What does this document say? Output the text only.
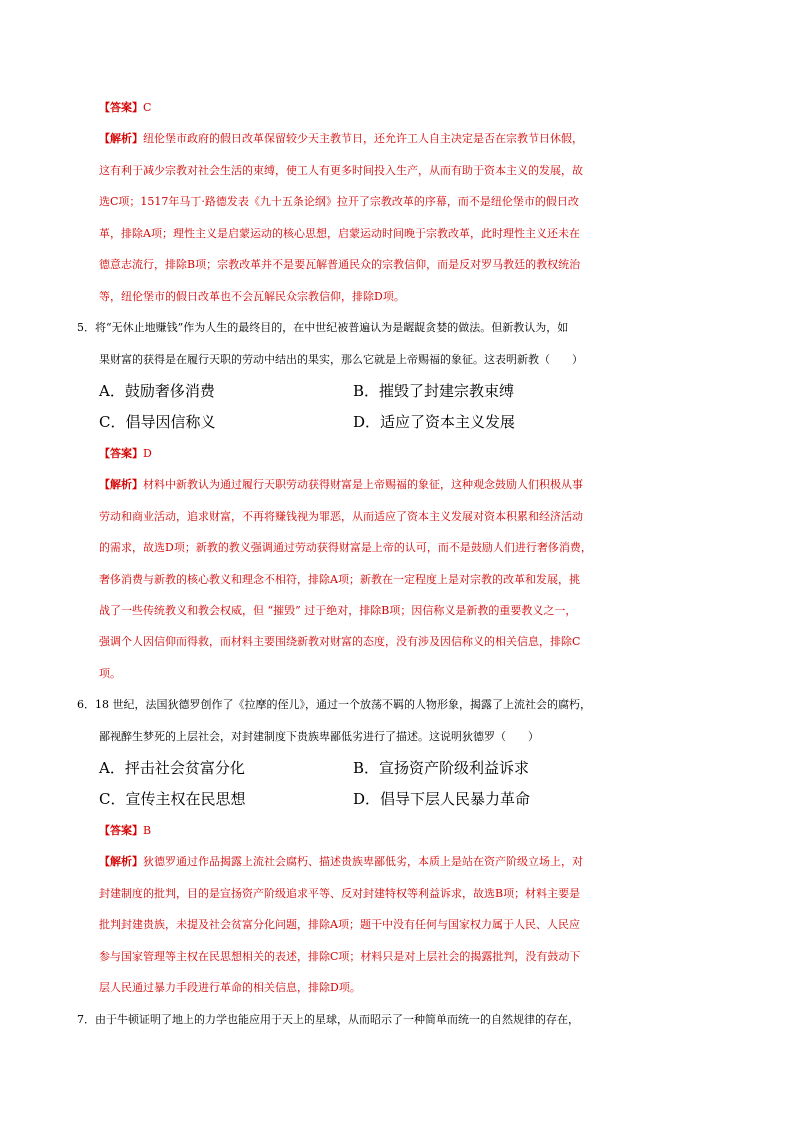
【答案】C
【解析】纽伦堡市政府的假日改革保留较少天主教节日，还允许工人自主决定是否在宗教节日休假，
这有利于减少宗教对社会生活的束缚，使工人有更多时间投入生产，从而有助于资本主义的发展，故
选C项；1517年马丁·路德发表《九十五条论纲》拉开了宗教改革的序幕，而不是纽伦堡市的假日改
革，排除A项；理性主义是启蒙运动的核心思想，启蒙运动时间晚于宗教改革，此时理性主义还未在
德意志流行，排除B项；宗教改革并不是要瓦解普通民众的宗教信仰，而是反对罗马教廷的教权统治
等，纽伦堡市的假日改革也不会瓦解民众宗教信仰，排除D项。
5．将“无休止地赚钱”作为人生的最终目的，在中世纪被普遍认为是龌龊贪婪的做法。但新教认为，如
果财富的获得是在履行天职的劳动中结出的果实，那么它就是上帝赐福的象征。这表明新教（　　）
A．鼓励奢侈消费	B．摧毁了封建宗教束缚
C．倡导因信称义	D．适应了资本主义发展
【答案】D
【解析】材料中新教认为通过履行天职劳动获得财富是上帝赐福的象征，这种观念鼓励人们积极从事
劳动和商业活动，追求财富，不再将赚钱视为罪恶，从而适应了资本主义发展对资本积累和经济活动
的需求，故选D项；新教的教义强调通过劳动获得财富是上帝的认可，而不是鼓励人们进行奢侈消费，
奢侈消费与新教的核心教义和理念不相符，排除A项；新教在一定程度上是对宗教的改革和发展，挑
战了一些传统教义和教会权威，但 “摧毁” 过于绝对，排除B项；因信称义是新教的重要教义之一，
强调个人因信仰而得救，而材料主要围绕新教对财富的态度，没有涉及因信称义的相关信息，排除C
项。
6．18 世纪，法国狄德罗创作了《拉摩的侄儿》，通过一个放荡不羁的人物形象，揭露了上流社会的腐朽，
鄙视醉生梦死的上层社会，对封建制度下贵族卑鄙低劣进行了描述。这说明狄德罗（　　）
A．抨击社会贫富分化	B．宣扬资产阶级利益诉求
C．宣传主权在民思想	D．倡导下层人民暴力革命
【答案】B
【解析】狄德罗通过作品揭露上流社会腐朽、描述贵族卑鄙低劣，本质上是站在资产阶级立场上，对
封建制度的批判，目的是宣扬资产阶级追求平等、反对封建特权等利益诉求，故选B项；材料主要是
批判封建贵族，未提及社会贫富分化问题，排除A项；题干中没有任何与国家权力属于人民、人民应
参与国家管理等主权在民思想相关的表述，排除C项；材料只是对上层社会的揭露批判，没有鼓动下
层人民通过暴力手段进行革命的相关信息，排除D项。
7．由于牛顿证明了地上的力学也能应用于天上的星球，从而昭示了一种简单而统一的自然规律的存在，
